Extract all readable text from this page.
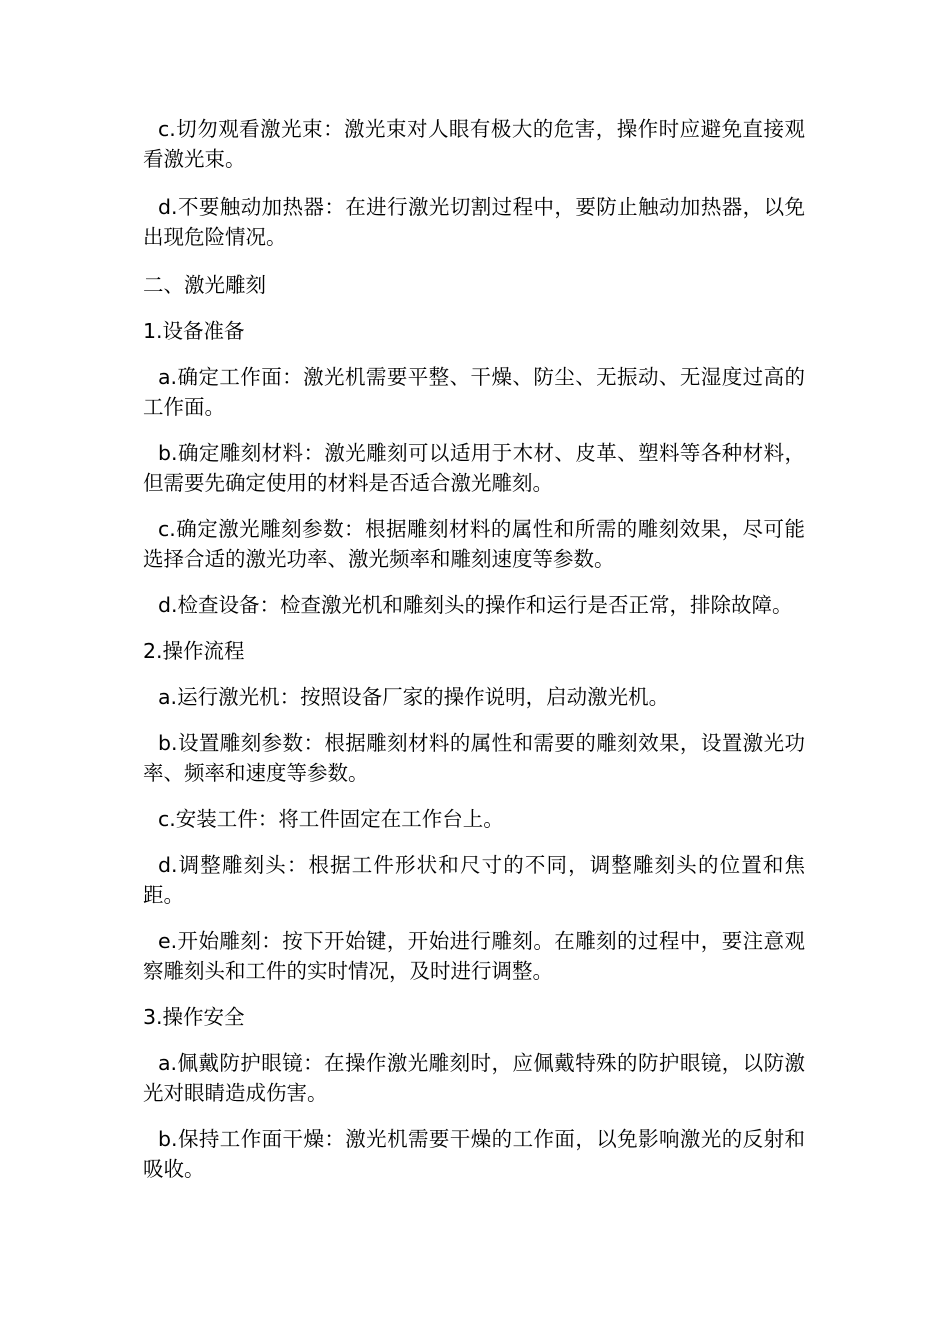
c.切勿观看激光束：激光束对人眼有极大的危害，操作时应避免直接观看激光束。

d.不要触动加热器：在进行激光切割过程中，要防止触动加热器，以免出现危险情况。

二、激光雕刻

1.设备准备

a.确定工作面：激光机需要平整、干燥、防尘、无振动、无湿度过高的工作面。

b.确定雕刻材料：激光雕刻可以适用于木材、皮革、塑料等各种材料，但需要先确定使用的材料是否适合激光雕刻。

c.确定激光雕刻参数：根据雕刻材料的属性和所需的雕刻效果，尽可能选择合适的激光功率、激光频率和雕刻速度等参数。

d.检查设备：检查激光机和雕刻头的操作和运行是否正常，排除故障。

2.操作流程

a.运行激光机：按照设备厂家的操作说明，启动激光机。

b.设置雕刻参数：根据雕刻材料的属性和需要的雕刻效果，设置激光功率、频率和速度等参数。

c.安装工件：将工件固定在工作台上。

d.调整雕刻头：根据工件形状和尺寸的不同，调整雕刻头的位置和焦距。

e.开始雕刻：按下开始键，开始进行雕刻。在雕刻的过程中，要注意观察雕刻头和工件的实时情况，及时进行调整。

3.操作安全

a.佩戴防护眼镜：在操作激光雕刻时，应佩戴特殊的防护眼镜，以防激光对眼睛造成伤害。

b.保持工作面干燥：激光机需要干燥的工作面，以免影响激光的反射和吸收。
